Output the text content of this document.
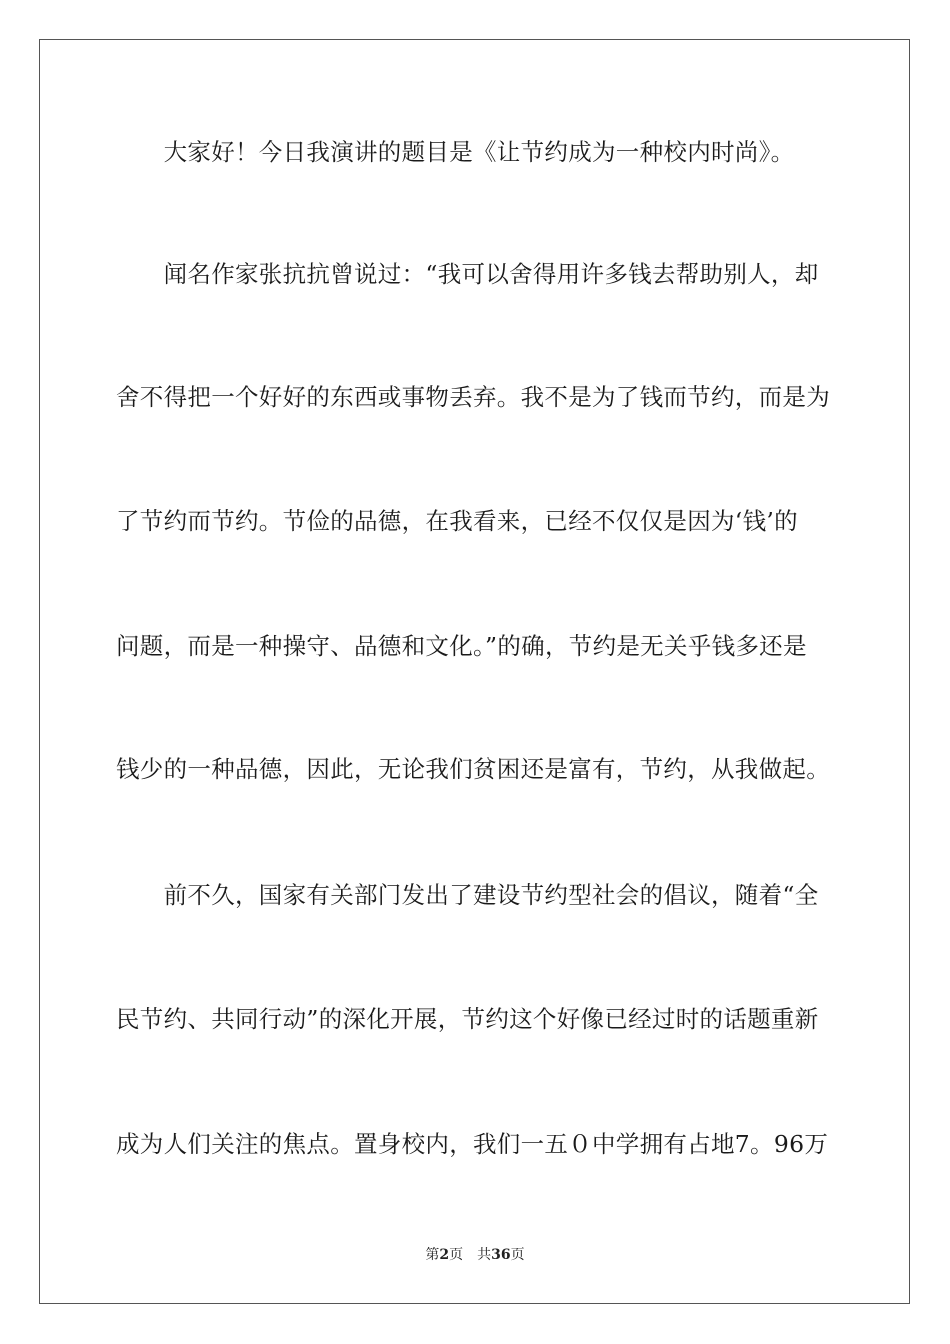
　　大家好！今日我演讲的题目是《让节约成为一种校内时尚》。

　　闻名作家张抗抗曾说过：“我可以舍得用许多钱去帮助别人，却

舍不得把一个好好的东西或事物丢弃。我不是为了钱而节约，而是为

了节约而节约。节俭的品德，在我看来，已经不仅仅是因为‘钱’的

问题，而是一种操守、品德和文化。”的确，节约是无关乎钱多还是

钱少的一种品德，因此，无论我们贫困还是富有，节约，从我做起。

　　前不久，国家有关部门发出了建设节约型社会的倡议，随着“全

民节约、共同行动”的深化开展，节约这个好像已经过时的话题重新

成为人们关注的焦点。置身校内，我们一五０中学拥有占地7。96万

第2页 共36页
